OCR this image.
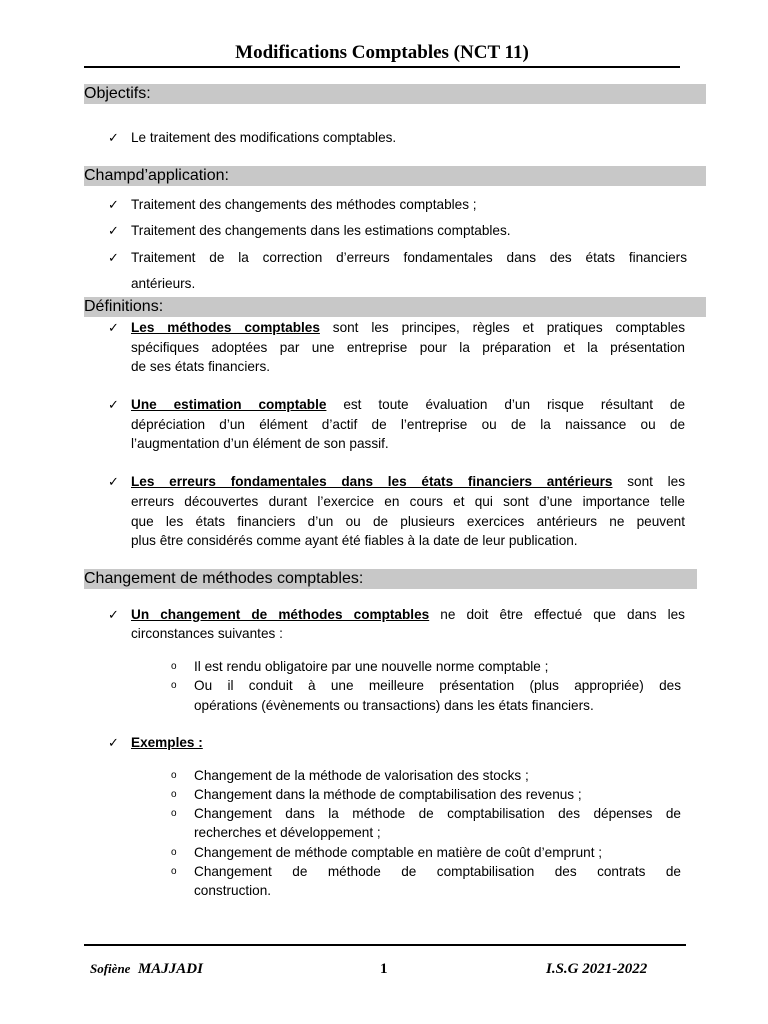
Modifications Comptables (NCT 11)
Objectifs:
✓ Le traitement des modifications comptables.
Champd’application:
✓ Traitement des changements des méthodes comptables ;
✓ Traitement des changements dans les estimations comptables.
✓ Traitement de la correction d’erreurs fondamentales dans des états financiers
antérieurs.
Définitions:
✓ Les méthodes comptables sont les principes, règles et pratiques comptables
spécifiques adoptées par une entreprise pour la préparation et la présentation
de ses états financiers.
✓ Une estimation comptable est toute évaluation d’un risque résultant de
dépréciation d’un élément d’actif de l’entreprise ou de la naissance ou de
l’augmentation d’un élément de son passif.
✓ Les erreurs fondamentales dans les états financiers antérieurs sont les
erreurs découvertes durant l’exercice en cours et qui sont d’une importance telle
que les états financiers d’un ou de plusieurs exercices antérieurs ne peuvent
plus être considérés comme ayant été fiables à la date de leur publication.
Changement de méthodes comptables:
✓ Un changement de méthodes comptables ne doit être effectué que dans les
circonstances suivantes :
o Il est rendu obligatoire par une nouvelle norme comptable ;
o Ou il conduit à une meilleure présentation (plus appropriée) des
opérations (évènements ou transactions) dans les états financiers.
✓ Exemples :
o Changement de la méthode de valorisation des stocks ;
o Changement dans la méthode de comptabilisation des revenus ;
o Changement dans la méthode de comptabilisation des dépenses de
recherches et développement ;
o Changement de méthode comptable en matière de coût d’emprunt ;
o Changement de méthode de comptabilisation des contrats de
construction.
Sofiène MAJJADI	1	I.S.G 2021-2022
